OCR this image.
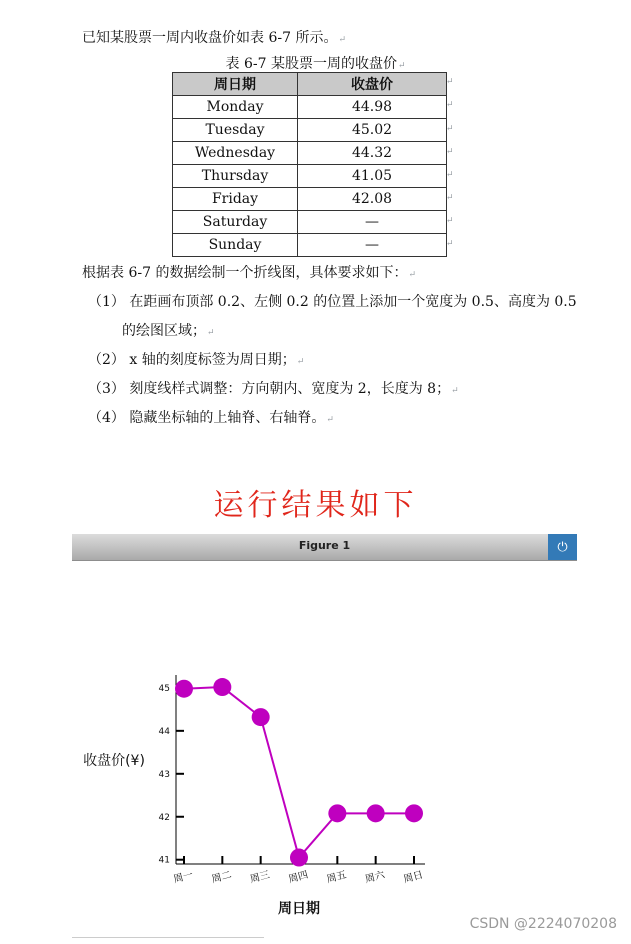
已知某股票一周内收盘价如表 6-7 所示。↵
表 6-7 某股票一周的收盘价↵
周日期	收盘价
Monday	44.98
Tuesday	45.02
Wednesday	44.32
Thursday	41.05
Friday	42.08
Saturday	—
Sunday	—
↵
↵
↵
↵
↵
↵
↵
↵
根据表 6-7 的数据绘制一个折线图，具体要求如下：↵
（1） 在距画布顶部 0.2、左侧 0.2 的位置上添加一个宽度为 0.5、高度为 0.5
的绘图区域；↵
（2） x 轴的刻度标签为周日期；↵
（3） 刻度线样式调整：方向朝内、宽度为 2，长度为 8；↵
（4） 隐藏坐标轴的上轴脊、右轴脊。↵
运行结果如下
Figure 1	⏻
41
42
43
44
45
周一 周二 周三 周四 周五 周六 周日
收盘价(¥)
周日期
CSDN @2224070208
